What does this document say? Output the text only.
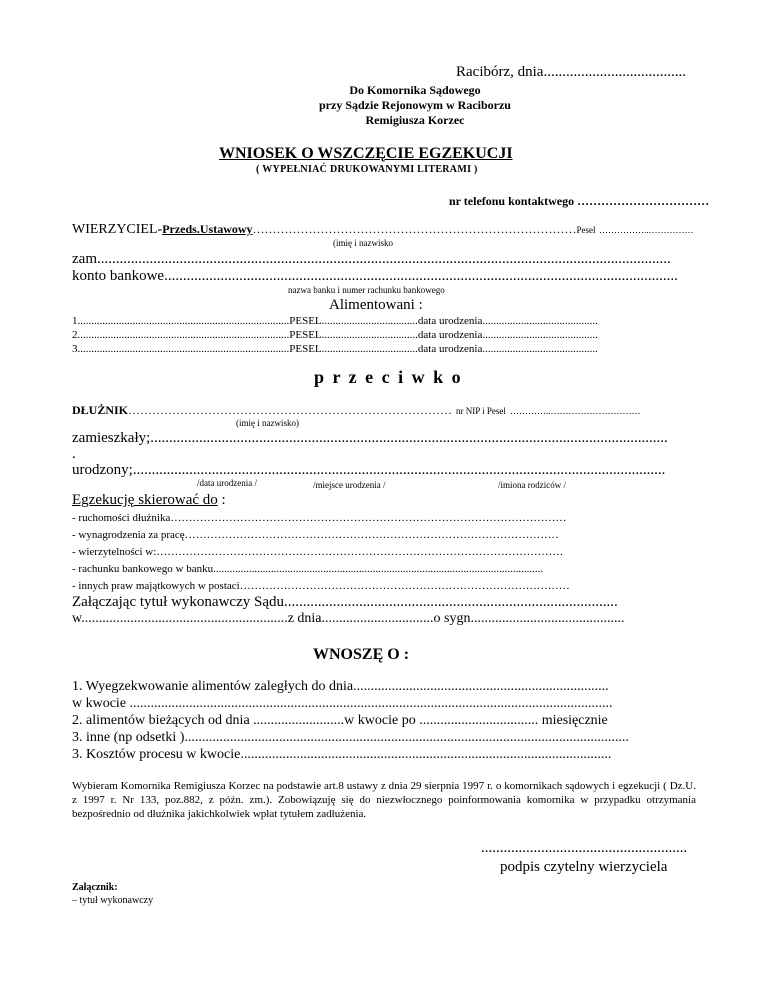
Racibórz, dnia......................................
Do Komornika Sądowego
przy Sądzie Rejonowym w Raciborzu
Remigiusza Korzec
WNIOSEK O WSZCZĘCIE EGZEKUCJI
( WYPEŁNIAĆ DRUKOWANYMI LITERAMI )
nr telefonu kontaktwego ……………………………
WIERZYCIEL-Przeds.Ustawowy………………………………………………………………………Pesel ……………..……………
(imię i nazwisko
zam.........................................................................................................................................................
konto bankowe.........................................................................................................................................
nazwa banku i numer rachunku bankowego
Alimentowani :
1.............................................................................PESEL...................................data urodzenia..........................................
2.............................................................................PESEL...................................data urodzenia..........................................
3.............................................................................PESEL...................................data urodzenia..........................................
p r z e c i w k o
DŁUŻNIK……………………………………………………………………… nr NIP i Pesel …………..…………………………
(imię i nazwisko)
zamieszkały;..........................................................................................................................................
.
urodzony;..............................................................................................................................................
/data urodzenia /	/miejsce urodzenia /	/imiona rodziców /
Egzekucję skierować do :
- ruchomości dłużnika………………………………………………………………………………………………
- wynagrodzenia za pracę…………………………………………………………………………………………
- wierzytelności w:…………………………………………………………………………………………………
- rachunku bankowego w banku........................................................................................................................
- innych praw majątkowych w postaci………………………………………………………………………………
Załączając tytuł wykonawczy Sądu.........................................................................................
w...........................................................z dnia................................o sygn............................................
WNOSZĘ O :
1. Wyegzekwowanie alimentów zaległych do dnia.........................................................................
w kwocie ..........................................................................................................................................
2. alimentów bieżących od dnia ..........................w kwocie po .................................. miesięcznie
3. inne (np odsetki )...............................................................................................................................
3. Kosztów procesu w kwocie..........................................................................................................
Wybieram Komornika Remigiusza Korzec na podstawie art.8 ustawy z dnia 29 sierpnia 1997 r. o komornikach sądowych i egzekucji ( Dz.U. z 1997 r. Nr 133, poz.882, z późn. zm.). Zobowiązuję się do niezwłocznego poinformowania komornika w przypadku otrzymania bezpośrednio od dłużnika jakichkolwiek wpłat tytułem zadłużenia.
.......................................................
podpis czytelny wierzyciela
Załącznik:
– tytuł wykonawczy
